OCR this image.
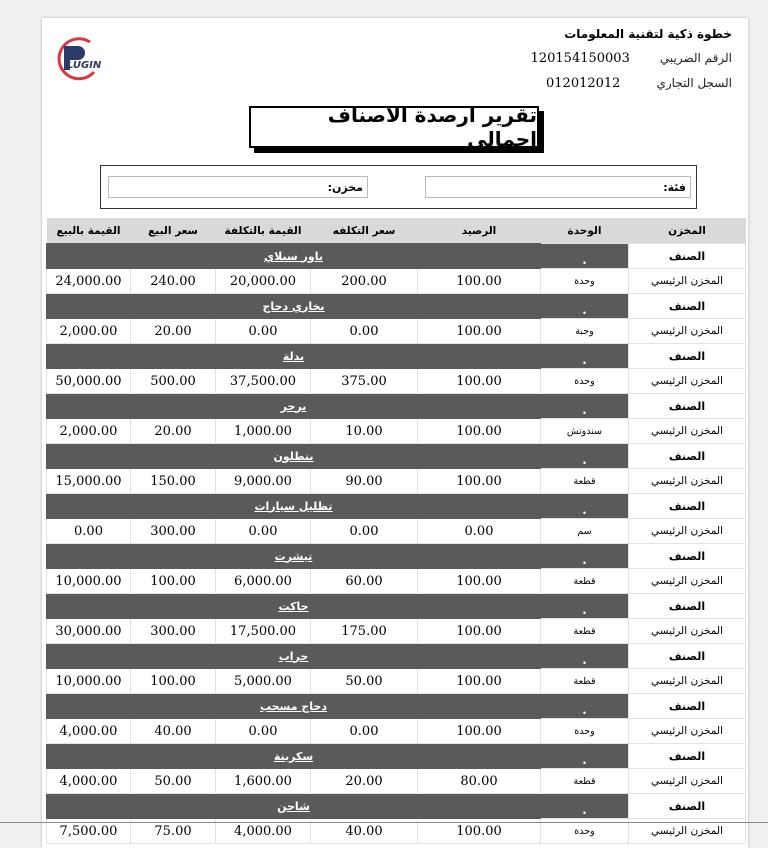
LUGIN
خطوة ذكية لتقنية المعلومات
الرقم الضريبي
120154150003
السجل التجاري
012012012
تقرير ارصدة الاصناف اجمالي
فئة:
مخزن:
القيمة بالبيع	سعر البيع	القيمة بالتكلفة	سعر التكلفه	الرصيد	الوحدة	المخزن
باور سبلاي					.	الصنف
24,000.00	240.00	20,000.00	200.00	100.00	وحدة	المخزن الرئيسي
بخاري دجاج					.	الصنف
2,000.00	20.00	0.00	0.00	100.00	وجبة	المخزن الرئيسي
بدلة					.	الصنف
50,000.00	500.00	37,500.00	375.00	100.00	وحدة	المخزن الرئيسي
برجر					.	الصنف
2,000.00	20.00	1,000.00	10.00	100.00	سندوتش	المخزن الرئيسي
بنطلون					.	الصنف
15,000.00	150.00	9,000.00	90.00	100.00	قطعة	المخزن الرئيسي
تظليل سيارات					.	الصنف
0.00	300.00	0.00	0.00	0.00	سم	المخزن الرئيسي
تيشرت					.	الصنف
10,000.00	100.00	6,000.00	60.00	100.00	قطعة	المخزن الرئيسي
جاكت					.	الصنف
30,000.00	300.00	17,500.00	175.00	100.00	قطعة	المخزن الرئيسي
جراب					.	الصنف
10,000.00	100.00	5,000.00	50.00	100.00	قطعة	المخزن الرئيسي
دجاج مسحب					.	الصنف
4,000.00	40.00	0.00	0.00	100.00	وحدة	المخزن الرئيسي
سكرينة					.	الصنف
4,000.00	50.00	1,600.00	20.00	80.00	قطعة	المخزن الرئيسي
شاحن					.	الصنف
7,500.00	75.00	4,000.00	40.00	100.00	وحدة	المخزن الرئيسي
